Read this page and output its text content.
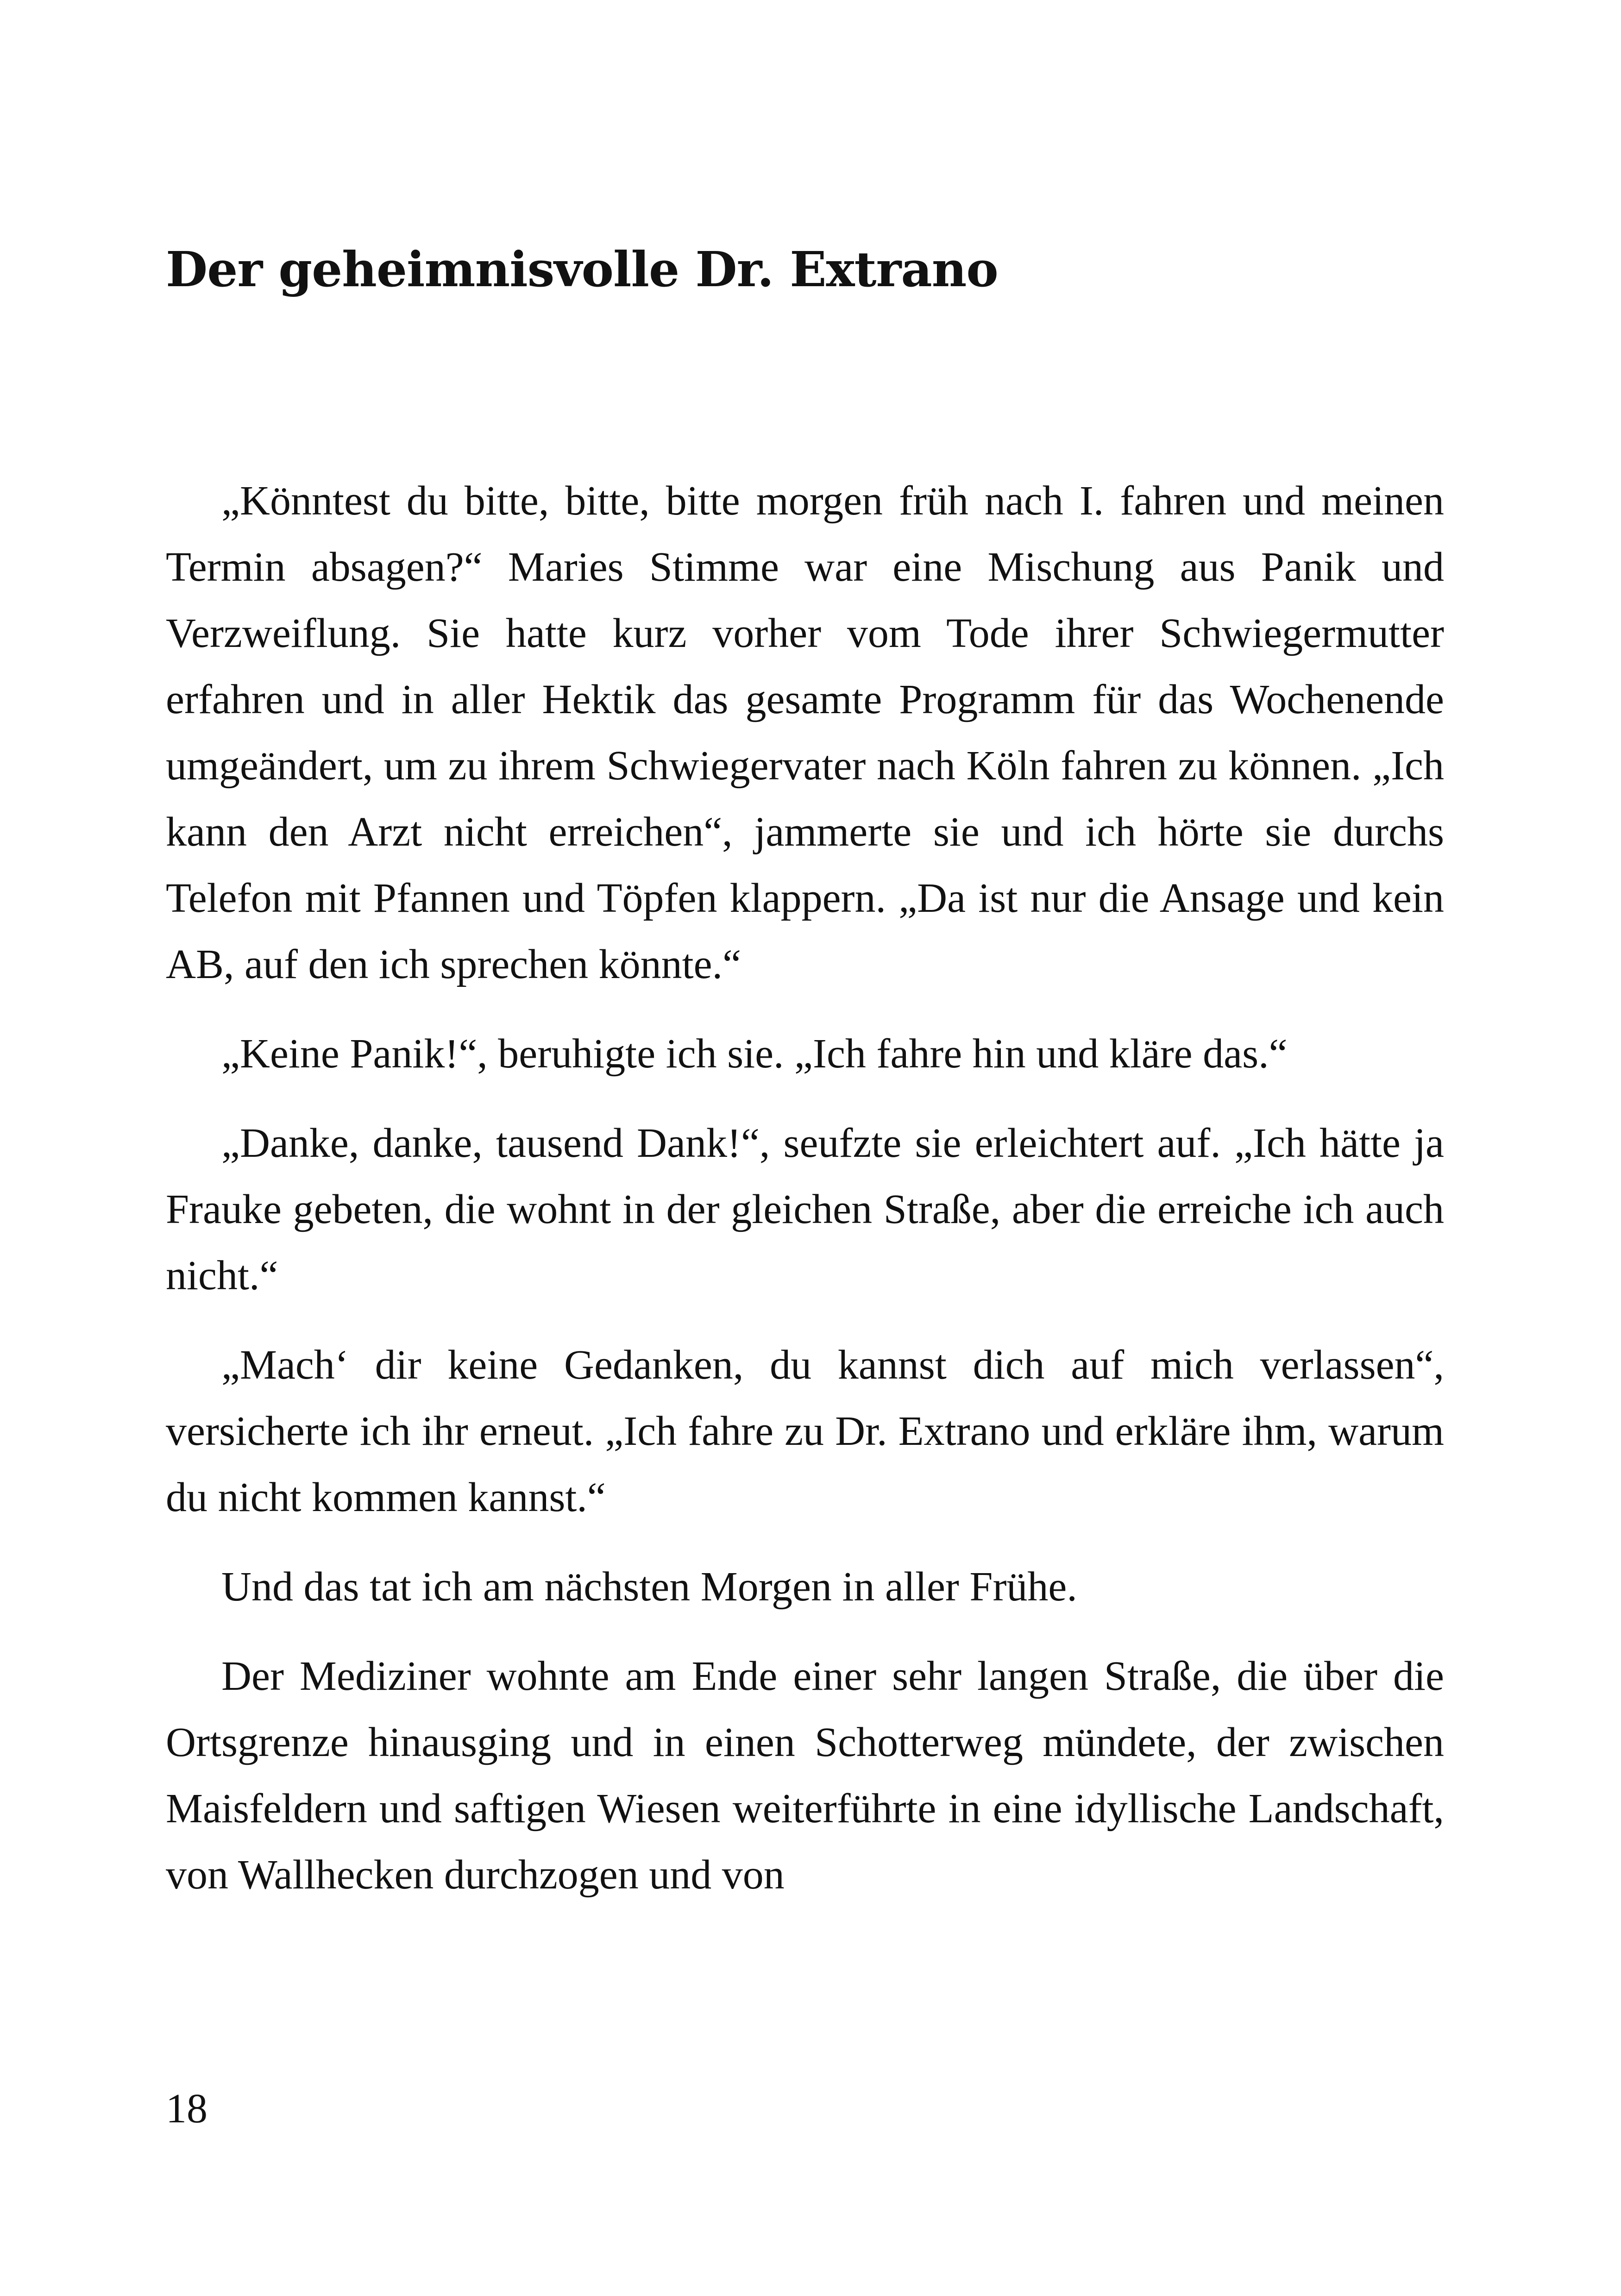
Der geheimnisvolle Dr. Extrano

„Könntest du bitte, bitte, bitte morgen früh nach I. fahren und meinen Termin absagen?“ Maries Stimme war eine Mischung aus Panik und Verzweiflung. Sie hatte kurz vorher vom Tode ihrer Schwiegermutter erfahren und in aller Hektik das gesamte Programm für das Wochenende umgeändert, um zu ihrem Schwiegervater nach Köln fahren zu können. „Ich kann den Arzt nicht erreichen“, jammerte sie und ich hörte sie durchs Telefon mit Pfannen und Töpfen klappern. „Da ist nur die Ansage und kein AB, auf den ich sprechen könnte.“

„Keine Panik!“, beruhigte ich sie. „Ich fahre hin und kläre das.“

„Danke, danke, tausend Dank!“, seufzte sie erleichtert auf. „Ich hätte ja Frauke gebeten, die wohnt in der gleichen Straße, aber die erreiche ich auch nicht.“

„Mach‘ dir keine Gedanken, du kannst dich auf mich verlassen“, versicherte ich ihr erneut. „Ich fahre zu Dr. Extrano und erkläre ihm, warum du nicht kommen kannst.“

Und das tat ich am nächsten Morgen in aller Frühe.

Der Mediziner wohnte am Ende einer sehr langen Straße, die über die Ortsgrenze hinausging und in einen Schotterweg mündete, der zwischen Maisfeldern und saftigen Wiesen weiterführte in eine idyllische Landschaft, von Wallhecken durchzogen und von

18
